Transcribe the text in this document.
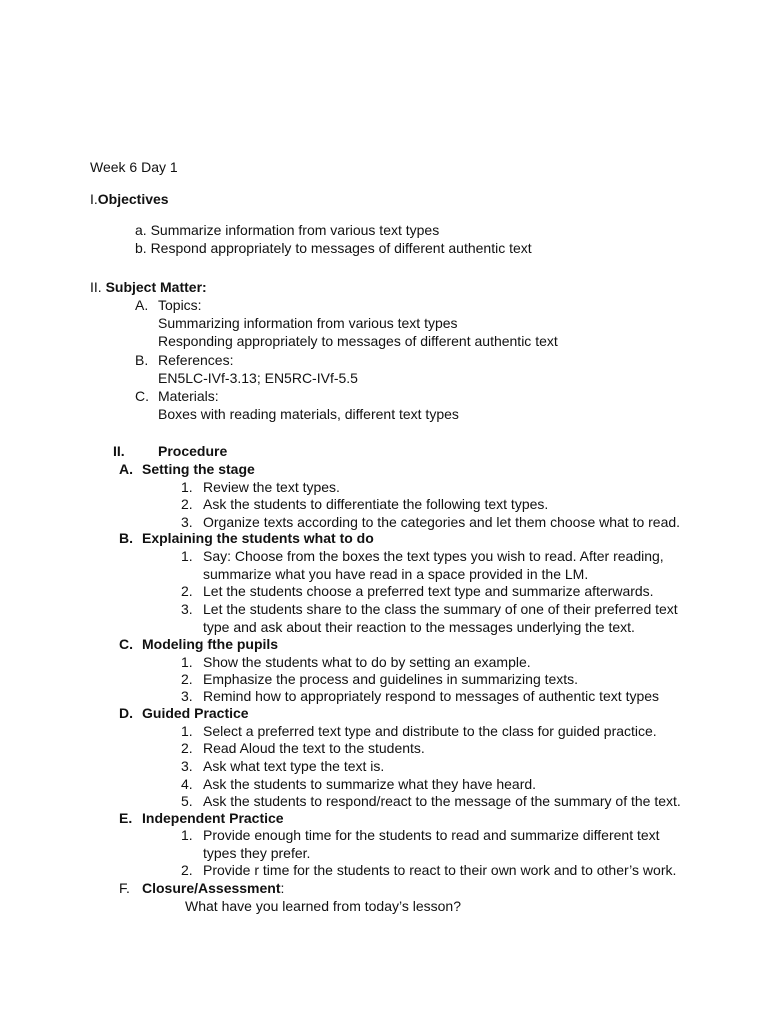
Week 6 Day 1
I.Objectives
a. Summarize information from various text types
b. Respond appropriately to messages of different authentic text
II. Subject Matter:
A. Topics:
Summarizing information from various text types
Responding appropriately to messages of different authentic text
B. References:
EN5LC-IVf-3.13; EN5RC-IVf-5.5
C. Materials:
Boxes with reading materials, different text types
II. Procedure
A. Setting the stage
1. Review the text types.
2. Ask the students to differentiate the following text types.
3. Organize texts according to the categories and let them choose what to read.
B. Explaining the students what to do
1. Say: Choose from the boxes the text types you wish to read. After reading,
summarize what you have read in a space provided in the LM.
2. Let the students choose a preferred text type and summarize afterwards.
3. Let the students share to the class the summary of one of their preferred text
type and ask about their reaction to the messages underlying the text.
C. Modeling fthe pupils
1. Show the students what to do by setting an example.
2. Emphasize the process and guidelines in summarizing texts.
3. Remind how to appropriately respond to messages of authentic text types
D. Guided Practice
1. Select a preferred text type and distribute to the class for guided practice.
2. Read Aloud the text to the students.
3. Ask what text type the text is.
4. Ask the students to summarize what they have heard.
5. Ask the students to respond/react to the message of the summary of the text.
E. Independent Practice
1. Provide enough time for the students to read and summarize different text
types they prefer.
2. Provide r time for the students to react to their own work and to other’s work.
F. Closure/Assessment:
What have you learned from today’s lesson?
